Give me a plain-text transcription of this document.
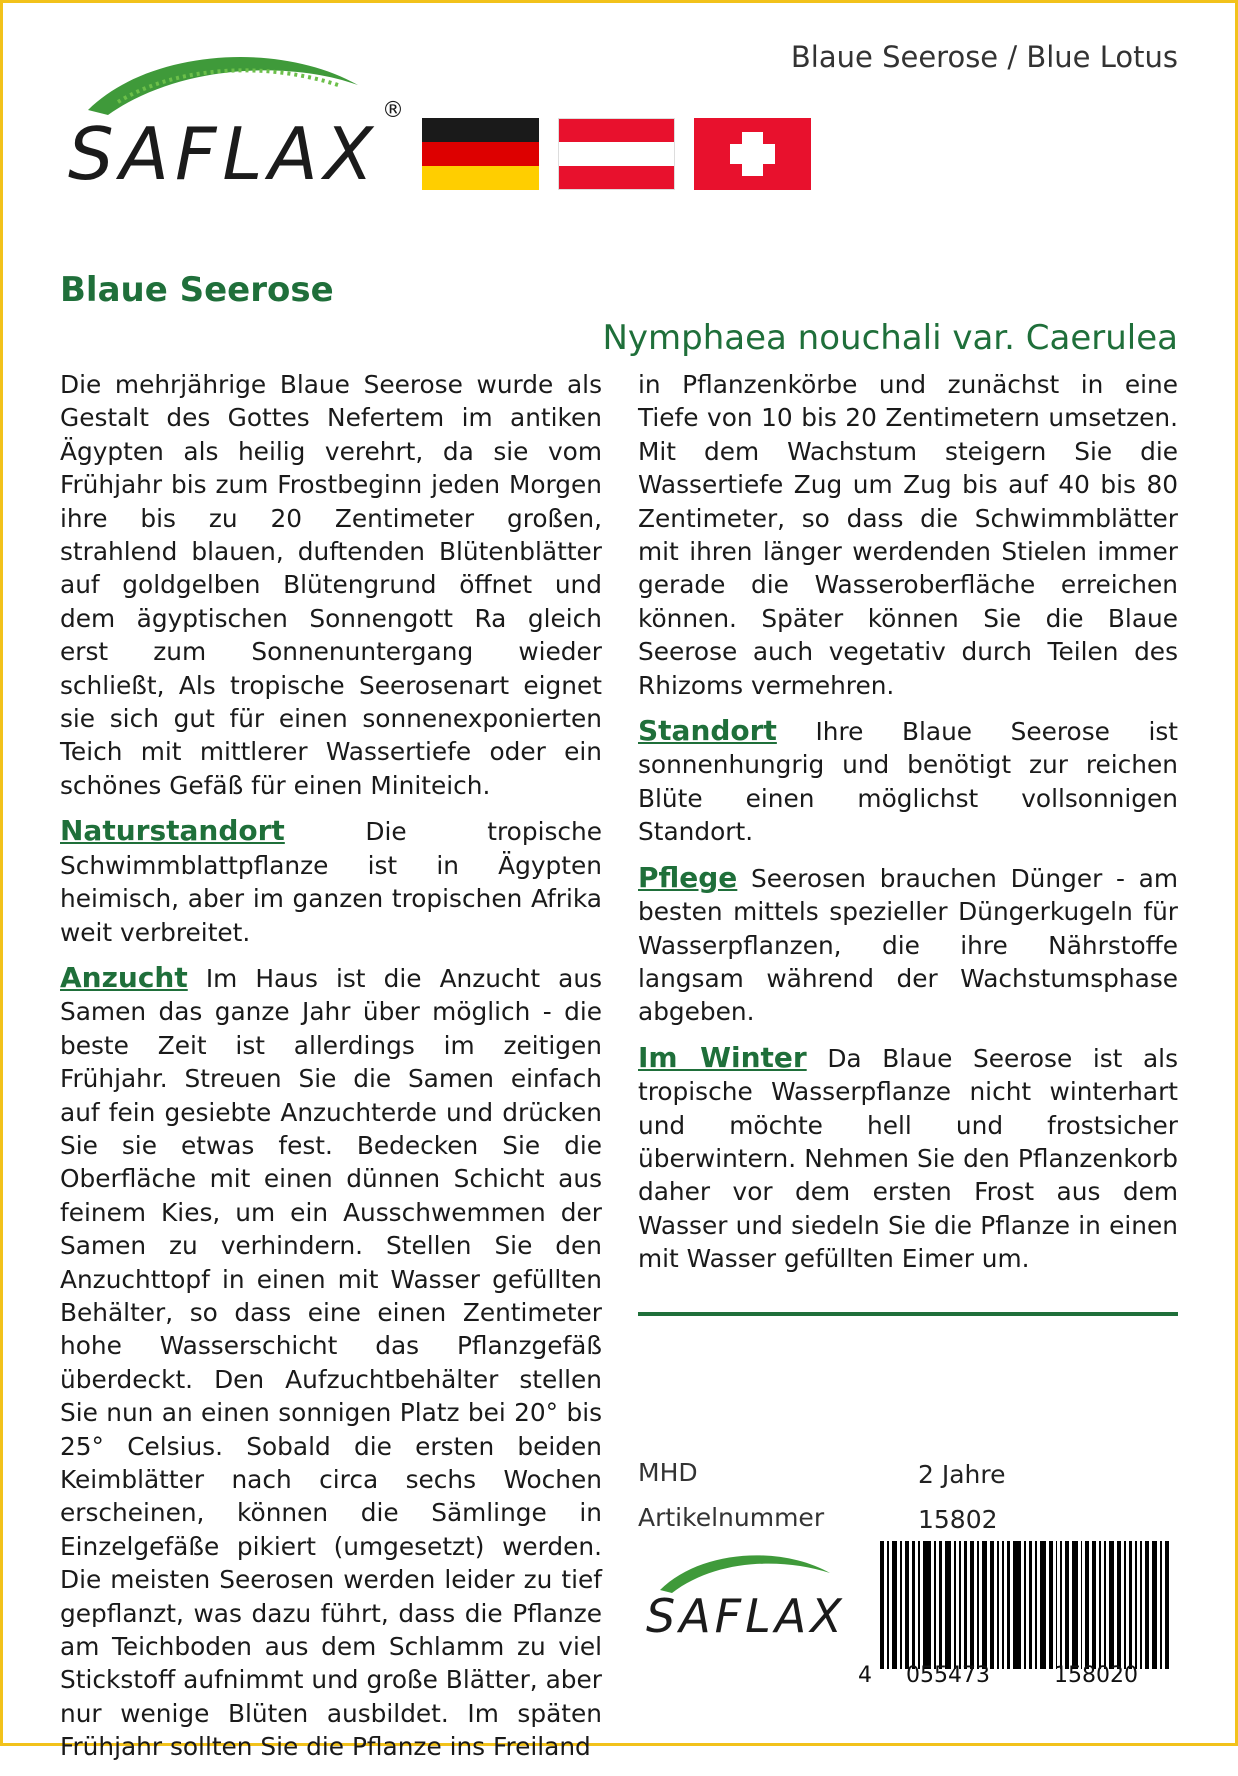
SAFLAX
®
Blaue Seerose / Blue Lotus
Blaue Seerose
Nymphaea nouchali var. Caerulea

Die mehrjährige Blaue Seerose wurde als Gestalt des Gottes Nefertem im antiken Ägypten als heilig verehrt, da sie vom Frühjahr bis zum Frostbeginn jeden Morgen ihre bis zu 20 Zentimeter großen, strahlend blauen, duftenden Blütenblätter auf goldgelben Blütengrund öffnet und dem ägyptischen Sonnengott Ra gleich erst zum Sonnenuntergang wieder schließt, Als tropische Seerosenart eignet sie sich gut für einen sonnenexponierten Teich mit mittlerer Wassertiefe oder ein schönes Gefäß für einen Miniteich.

Naturstandort Die tropische Schwimmblattpflanze ist in Ägypten heimisch, aber im ganzen tropischen Afrika weit verbreitet.

Anzucht Im Haus ist die Anzucht aus Samen das ganze Jahr über möglich - die beste Zeit ist allerdings im zeitigen Frühjahr. Streuen Sie die Samen einfach auf fein gesiebte Anzuchterde und drücken Sie sie etwas fest. Bedecken Sie die Oberfläche mit einen dünnen Schicht aus feinem Kies, um ein Ausschwemmen der Samen zu verhindern. Stellen Sie den Anzuchttopf in einen mit Wasser gefüllten Behälter, so dass eine einen Zentimeter hohe Wasserschicht das Pflanzgefäß überdeckt. Den Aufzuchtbehälter stellen Sie nun an einen sonnigen Platz bei 20° bis 25° Celsius. Sobald die ersten beiden Keimblätter nach circa sechs Wochen erscheinen, können die Sämlinge in Einzelgefäße pikiert (umgesetzt) werden. Die meisten Seerosen werden leider zu tief gepflanzt, was dazu führt, dass die Pflanze am Teichboden aus dem Schlamm zu viel Stickstoff aufnimmt und große Blätter, aber nur wenige Blüten ausbildet. Im späten Frühjahr sollten Sie die Pflanze ins Freiland

in Pflanzenkörbe und zunächst in eine Tiefe von 10 bis 20 Zentimetern umsetzen. Mit dem Wachstum steigern Sie die Wassertiefe Zug um Zug bis auf 40 bis 80 Zentimeter, so dass die Schwimmblätter mit ihren länger werdenden Stielen immer gerade die Wasseroberfläche erreichen können. Später können Sie die Blaue Seerose auch vegetativ durch Teilen des Rhizoms vermehren.

Standort Ihre Blaue Seerose ist sonnenhungrig und benötigt zur reichen Blüte einen möglichst vollsonnigen Standort.

Pflege Seerosen brauchen Dünger - am besten mittels spezieller Düngerkugeln für Wasserpflanzen, die ihre Nährstoffe langsam während der Wachstumsphase abgeben.

Im Winter Da Blaue Seerose ist als tropische Wasserpflanze nicht winterhart und möchte hell und frostsicher überwintern. Nehmen Sie den Pflanzenkorb daher vor dem ersten Frost aus dem Wasser und siedeln Sie die Pflanze in einen mit Wasser gefüllten Eimer um.

MHD	2 Jahre
Artikelnummer	15802
SAFLAX
4 055473	158020
